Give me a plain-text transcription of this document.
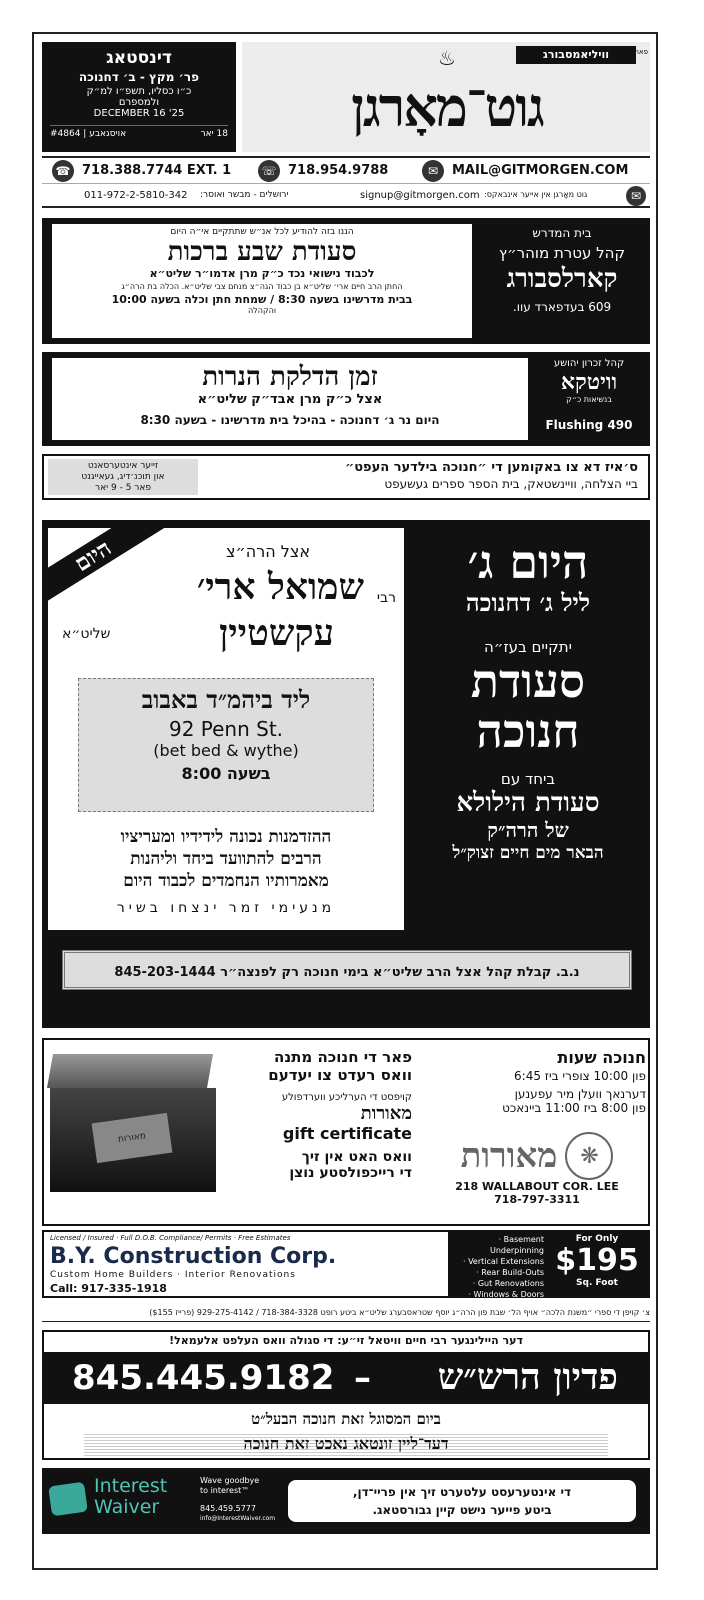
דינסטאג
פר׳ מקץ - ב׳ דחנוכה
כ״ו כסליו, תשפ״ו למ״ק
ולמספרם
DECEMBER 16 '25
#4864 | אויסגאבע	18 יאר
וויליאמסבורג	פארן
♨
גוט־מאָרגן
☎ 718.388.7744 EXT. 1	☏ 718.954.9788	✉	MAIL@GITMORGEN.COM
011-972-2-5810-342 ירושלים - מבשר ואוסר:	signup@gitmorgen.com גוט מאָרגן אין אייער אינבאקס:	✉
הננו בזה להודיע לכל אנ״ש שתתקיים אי״ה היום
סעודת שבע ברכות
לכבוד נישואי נכד כ״ק מרן אדמו״ר שליט״א
החתן הרב חיים ארי׳ שליט״א בן כבוד הגה״צ מנחם צבי שליט״א. הכלה בת הרה״ג
בבית מדרשינו בשעה 8:30 / שמחת חתן וכלה בשעה 10:00
והקהלה
בית המדרש
קהל עטרת מוהר״ץ
קארלסבורג
609 בעדפארד עוו.
זמן הדלקת הנרות
אצל כ״ק מרן אבד״ק שליט״א
היום נר ג׳ דחנוכה - בהיכל בית מדרשינו - בשעה 8:30
קהל זכרון יהושע
וויטקא
בנשיאות כ״ק
490 Flushing
ס׳איז דא צו באקומען די ״חנוכה בילדער העפט״
ביי הצלחה, וויינשטאק, בית הספר ספרים געשעפט
זייער אינטערסאנט
און תוכנ׳דיג, געאייגנט
פאר 5 - 9 יאר
היום	אצל הרה״צ
רבי
שמואל ארי׳
עקשטיין
שליט״א
ליד ביהמ״ד באבוב
92 Penn St.
(bet bed & wythe)
בשעה 8:00
ההזדמנות נכונה לידידיו ומעריציו
הרבים להתוועד ביחד וליהנות
מאמרותיו הנחמדים לכבוד היום
מנעימי זמר ינצחו בשיר
היום ג׳
ליל ג׳ דחנוכה
יתקיים בעז״ה
סעודת
חנוכה
ביחד עם
סעודת הילולא
של הרה״ק
הבאר מים חיים זצוק״ל
נ.ב. קבלת קהל אצל הרב שליט״א בימי חנוכה רק לפנצה״ר 845-203-1444
מאורות
פאר די חנוכה מתנה
וואס רעדט צו יעדעם
קויפסט די הערליכע ווערדפולע
מאורות
gift certificate
וואס האט אין זיך
די רייכפולסטע נוצן
חנוכה שעות
פון 10:00 צופרי ביז 6:45
דערנאך וועלן מיר עפענען
פון 8:00 ביז 11:00 ביינאכט
מאורות	❋
218 WALLABOUT COR. LEE
718-797-3311
Licensed / Insured · Full D.O.B. Compliance/ Permits · Free Estimates
B.Y. Construction Corp.
Custom Home Builders · Interior Renovations
Call: 917-335-1918
· Basement Underpinning
· Vertical Extensions
· Rear Build-Outs
· Gut Renovations
· Windows & Doors
For Only
$195
Sq. Foot
צ׳ קויפן די ספרי ״משנת הלכה״ אויף הל׳ שבת פון הרה״ג יוסף שטראסבערג שליט״א ביטע רופט 718-384-3328 / 929-275-4142 (פרייז $155)
דער היילינגער רבי חיים וויטאל זי״ע: די סגולה וואס העלפט אלעמאל!
845.445.9182 – פדיון הרש״ש
ביום המסוגל זאת חנוכה הבעל״ט
דעד־ליין זונטאג נאכט זאת חנוכה
Interest
Waiver
Wave goodbye
to interest™
845.459.5777
info@InterestWaiver.com
די אינטערעסט עלטערט זיך אין פריי־דן,
ביטע פייער נישט קיין גבורסטאג.
